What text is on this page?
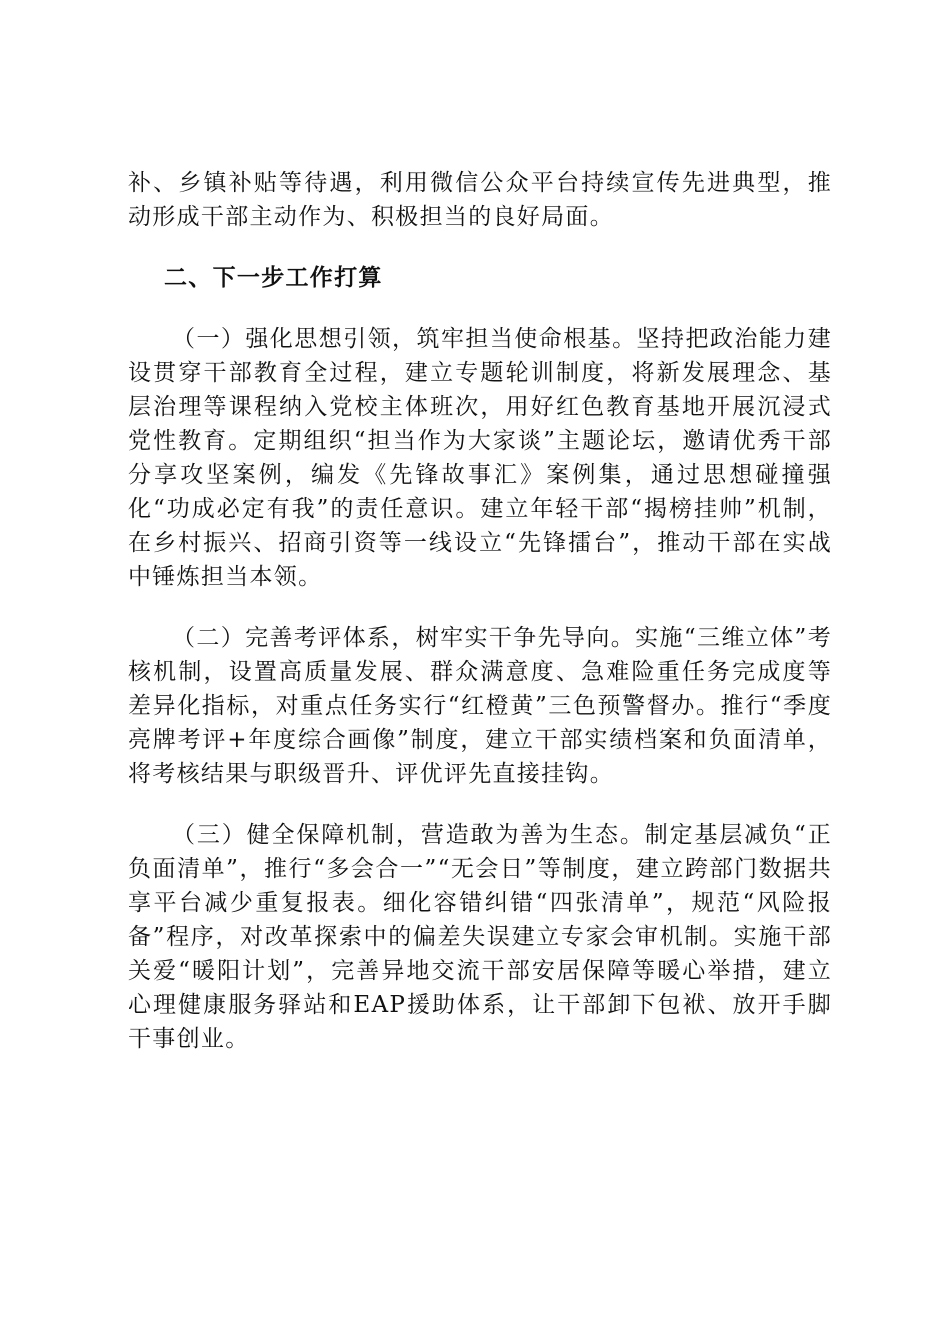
补、乡镇补贴等待遇，利用微信公众平台持续宣传先进典型，推动形成干部主动作为、积极担当的良好局面。

二、下一步工作打算

（一）强化思想引领，筑牢担当使命根基。坚持把政治能力建设贯穿干部教育全过程，建立专题轮训制度，将新发展理念、基层治理等课程纳入党校主体班次，用好红色教育基地开展沉浸式党性教育。定期组织“担当作为大家谈”主题论坛，邀请优秀干部分享攻坚案例，编发《先锋故事汇》案例集，通过思想碰撞强化“功成必定有我”的责任意识。建立年轻干部“揭榜挂帅”机制，在乡村振兴、招商引资等一线设立“先锋擂台”，推动干部在实战中锤炼担当本领。

（二）完善考评体系，树牢实干争先导向。实施“三维立体”考核机制，设置高质量发展、群众满意度、急难险重任务完成度等差异化指标，对重点任务实行“红橙黄”三色预警督办。推行“季度亮牌考评+年度综合画像”制度，建立干部实绩档案和负面清单，将考核结果与职级晋升、评优评先直接挂钩。

（三）健全保障机制，营造敢为善为生态。制定基层减负“正负面清单”，推行“多会合一”“无会日”等制度，建立跨部门数据共享平台减少重复报表。细化容错纠错“四张清单”，规范“风险报备”程序，对改革探索中的偏差失误建立专家会审机制。实施干部关爱“暖阳计划”，完善异地交流干部安居保障等暖心举措，建立心理健康服务驿站和EAP援助体系，让干部卸下包袱、放开手脚干事创业。
